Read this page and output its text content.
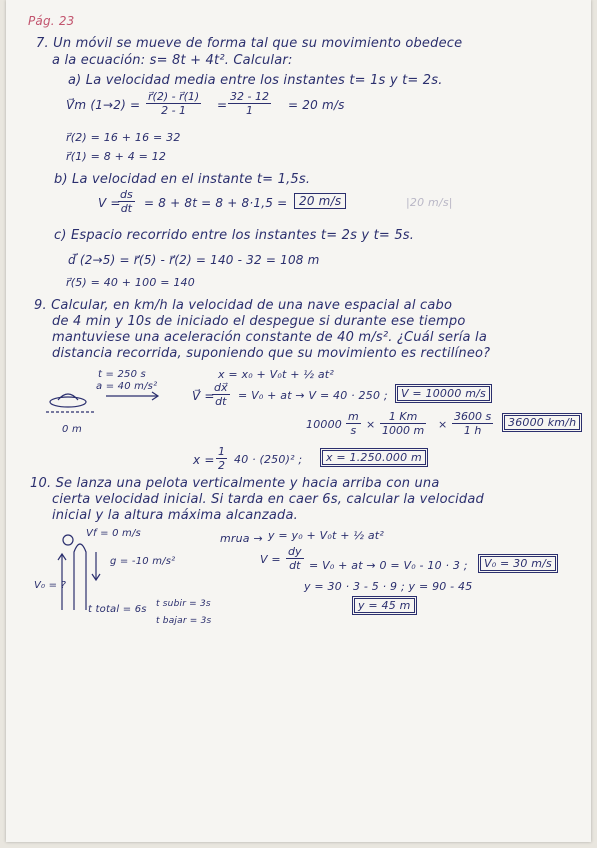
Pág. 23
7. Un móvil se mueve de forma tal que su movimiento obedece
a la ecuación: s= 8t + 4t². Calcular:
a) La velocidad media entre los instantes t= 1s y t= 2s.
V⃗m $(1\to 2) = \frac{r⃗(2) - r⃗(1)}{2 - 1} = \frac{32 - 12}{1} = 20$ m/s
r⃗(2) = 16 + 16 = 32
r⃗(1) = 8 + 4 = 12
b) La velocidad en el instante t= 1,5s.
V =
$\frac{ds}{dt} = 8 + 8t = 8 + 8\cdot 1,5 = 20$ m/s	|20 m/s|
c) Espacio recorrido entre los instantes t= 2s y t= 5s.
d⃗ (2→5) = r⃗(5) - r⃗(2) = 140 - 32 = 108 m
r⃗(5) = 40 + 100 = 140
9. Calcular, en km/h la velocidad de una nave espacial al cabo
de 4 min y 10s de iniciado el despegue si durante ese tiempo
mantuviese una aceleración constante de 40 m/s². ¿Cuál sería la
distancia recorrida, suponiendo que su movimiento es rectilíneo?
t = 250 s
a = 40 m/s²
0 m
x = x₀ + V₀t + ½ at²
V⃗ =
$\frac{dx⃗}{dt} = V_0$ + at → V = 40 · 250 ;	V = 10000 m/s
$10000 \frac{m}{s} \times \frac{1 Km}{1000 m} \times \frac{3600 s}{1 h}$	36000 km/h
$x = \frac{1}{2} 40 \cdot (250)^2$ ;	x = 1.250.000 m
10. Se lanza una pelota verticalmente y hacia arriba con una
cierta velocidad inicial. Si tarda en caer 6s, calcular la velocidad
inicial y la altura máxima alcanzada.
Vf = 0 m/s
g = -10 m/s²
V₀ = ?
t total = 6s t subir = 3s
t bajar = 3s
mrua → y = y₀ + V₀t + ½ at²
$V = \frac{dy}{dt} = V_0$ + at → 0 = V₀ - 10 · 3 ;	V₀ = 30 m/s
y = 30 · 3 - 5 · 9 ; y = 90 - 45
y = 45 m
